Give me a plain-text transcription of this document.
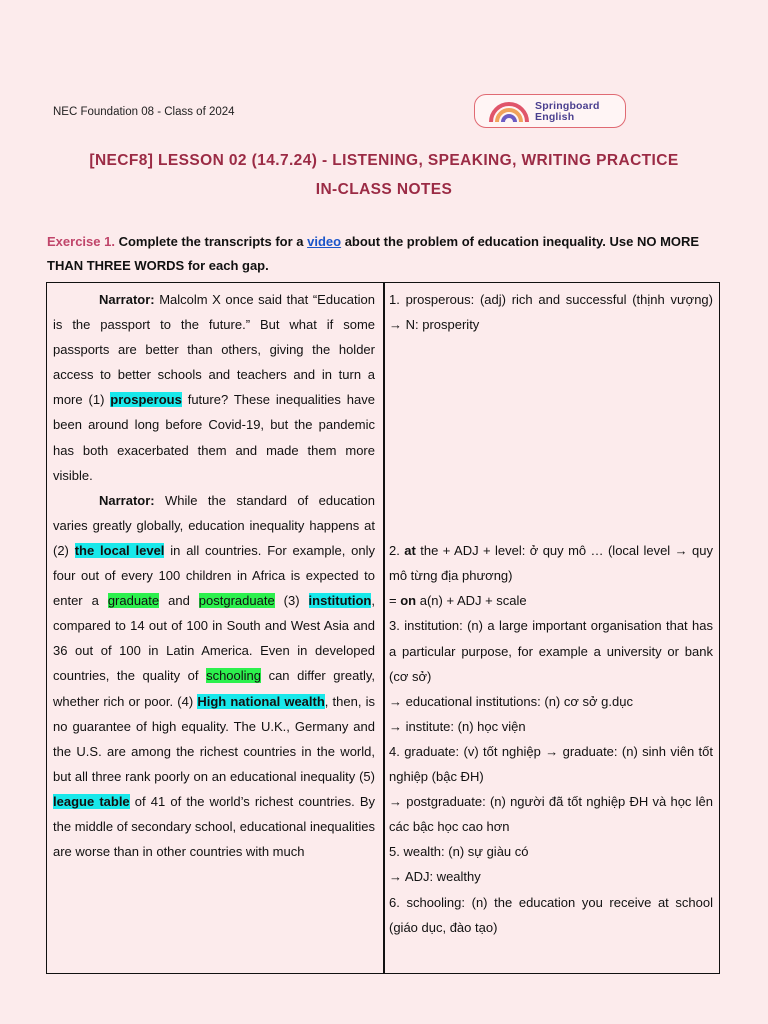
NEC Foundation 08 - Class of 2024	Springboard
English
[NECF8] LESSON 02 (14.7.24) - LISTENING, SPEAKING, WRITING PRACTICE
IN-CLASS NOTES
Exercise 1. Complete the transcripts for a video about the problem of education inequality. Use NO MORE THAN THREE WORDS for each gap.

Narrator: Malcolm X once said that “Education is the passport to the future.” But what if some passports are better than others, giving the holder access to better schools and teachers and in turn a more (1) prosperous future? These inequalities have been around long before Covid-19, but the pandemic has both exacerbated them and made them more visible.

Narrator: While the standard of education varies greatly globally, education inequality happens at (2) the local level in all countries. For example, only four out of every 100 children in Africa is expected to enter a graduate and postgraduate (3) institution, compared to 14 out of 100 in South and West Asia and 36 out of 100 in Latin America. Even in developed countries, the quality of schooling can differ greatly, whether rich or poor. (4) High national wealth, then, is no guarantee of high equality. The U.K., Germany and the U.S. are among the richest countries in the world, but all three rank poorly on an educational inequality (5) league table of 41 of the world’s richest countries. By the middle of secondary school, educational inequalities are worse than in other countries with much

1. prosperous: (adj) rich and successful (thịnh vượng) → N: prosperity
2. at the + ADJ + level: ở quy mô … (local level → quy mô từng địa phương)
= on a(n) + ADJ + scale
3. institution: (n) a large important organisation that has a particular purpose, for example a university or bank (cơ sở)
→ educational institutions: (n) cơ sở g.dục
→ institute: (n) học viện
4. graduate: (v) tốt nghiệp → graduate: (n) sinh viên tốt nghiệp (bậc ĐH)
→ postgraduate: (n) người đã tốt nghiệp ĐH và học lên các bậc học cao hơn
5. wealth: (n) sự giàu có
→ ADJ: wealthy
6. schooling: (n) the education you receive at school (giáo dục, đào tạo)
